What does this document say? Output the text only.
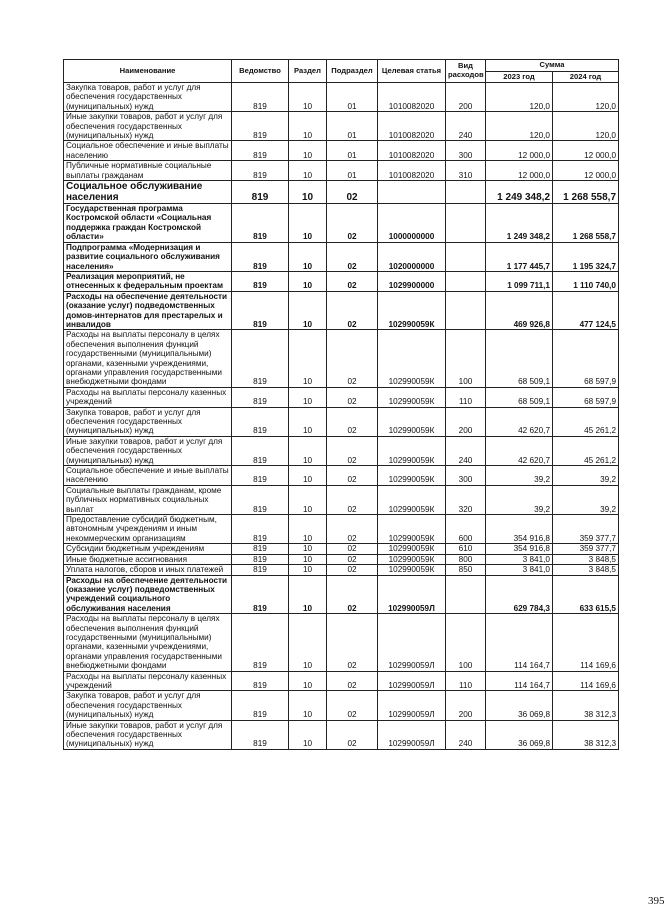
Наименование	Ведомство	Раздел	Подраздел	Целевая статья	Вид расходов	Сумма	
						2023 год	2024 год
Закупка товаров, работ и услуг для обеспечения государственных (муниципальных) нужд	819	10	01	1010082020	200	120,0	120,0
Иные закупки товаров, работ и услуг для обеспечения государственных (муниципальных) нужд	819	10	01	1010082020	240	120,0	120,0
Социальное обеспечение и иные выплаты населению	819	10	01	1010082020	300	12 000,0	12 000,0
Публичные нормативные социальные выплаты гражданам	819	10	01	1010082020	310	12 000,0	12 000,0
Социальное обслуживание населения	819	10	02			1 249 348,2	1 268 558,7
Государственная программа Костромской области «Социальная поддержка граждан Костромской области»	819	10	02	1000000000		1 249 348,2	1 268 558,7
Подпрограмма «Модернизация и развитие социального обслуживания населения»	819	10	02	1020000000		1 177 445,7	1 195 324,7
Реализация мероприятий, не отнесенных к федеральным проектам	819	10	02	1029900000		1 099 711,1	1 110 740,0
Расходы на обеспечение деятельности (оказание услуг) подведомственных домов-интернатов для престарелых и инвалидов	819	10	02	102990059К		469 926,8	477 124,5
Расходы на выплаты персоналу в целях обеспечения выполнения функций государственными (муниципальными) органами, казенными учреждениями, органами управления государственными внебюджетными фондами	819	10	02	102990059К	100	68 509,1	68 597,9
Расходы на выплаты персоналу казенных учреждений	819	10	02	102990059К	110	68 509,1	68 597,9
Закупка товаров, работ и услуг для обеспечения государственных (муниципальных) нужд	819	10	02	102990059К	200	42 620,7	45 261,2
Иные закупки товаров, работ и услуг для обеспечения государственных (муниципальных) нужд	819	10	02	102990059К	240	42 620,7	45 261,2
Социальное обеспечение и иные выплаты населению	819	10	02	102990059К	300	39,2	39,2
Социальные выплаты гражданам, кроме публичных нормативных социальных выплат	819	10	02	102990059К	320	39,2	39,2
Предоставление субсидий бюджетным, автономным учреждениям и иным некоммерческим организациям	819	10	02	102990059К	600	354 916,8	359 377,7
Субсидии бюджетным учреждениям	819	10	02	102990059К	610	354 916,8	359 377,7
Иные бюджетные ассигнования	819	10	02	102990059К	800	3 841,0	3 848,5
Уплата налогов, сборов и иных платежей	819	10	02	102990059К	850	3 841,0	3 848,5
Расходы на обеспечение деятельности (оказание услуг) подведомственных учреждений социального обслуживания населения	819	10	02	102990059Л		629 784,3	633 615,5
Расходы на выплаты персоналу в целях обеспечения выполнения функций государственными (муниципальными) органами, казенными учреждениями, органами управления государственными внебюджетными фондами	819	10	02	102990059Л	100	114 164,7	114 169,6
Расходы на выплаты персоналу казенных учреждений	819	10	02	102990059Л	110	114 164,7	114 169,6
Закупка товаров, работ и услуг для обеспечения государственных (муниципальных) нужд	819	10	02	102990059Л	200	36 069,8	38 312,3
Иные закупки товаров, работ и услуг для обеспечения государственных (муниципальных) нужд	819	10	02	102990059Л	240	36 069,8	38 312,3
395
